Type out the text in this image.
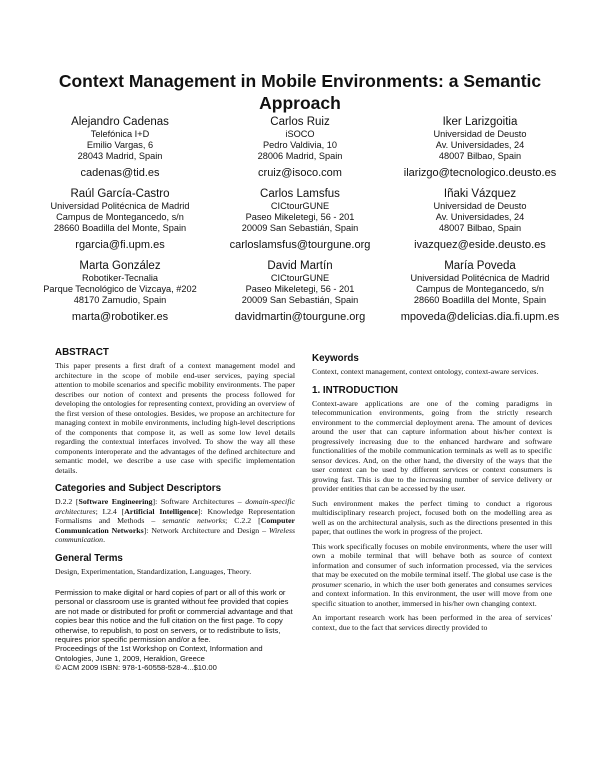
Context Management in Mobile Environments: a Semantic Approach
Alejandro Cadenas
Telefónica I+D
Emilio Vargas, 6
28043 Madrid, Spain
cadenas@tid.es
Carlos Ruiz
iSOCO
Pedro Valdivia, 10
28006 Madrid, Spain
cruiz@isoco.com
Iker Larizgoitia
Universidad de Deusto
Av. Universidades, 24
48007 Bilbao, Spain
ilarizgo@tecnologico.deusto.es
Raúl García-Castro
Universidad Politécnica de Madrid
Campus de Montegancedo, s/n
28660 Boadilla del Monte, Spain
rgarcia@fi.upm.es
Carlos Lamsfus
CICtourGUNE
Paseo Mikeletegi, 56 - 201
20009 San Sebastián, Spain
carloslamsfus@tourgune.org
Iñaki Vázquez
Universidad de Deusto
Av. Universidades, 24
48007 Bilbao, Spain
ivazquez@eside.deusto.es
Marta González
Robotiker-Tecnalia
Parque Tecnológico de Vizcaya, #202
48170 Zamudio, Spain
marta@robotiker.es
David Martín
CICtourGUNE
Paseo Mikeletegi, 56 - 201
20009 San Sebastián, Spain
davidmartin@tourgune.org
María Poveda
Universidad Politécnica de Madrid
Campus de Montegancedo, s/n
28660 Boadilla del Monte, Spain
mpoveda@delicias.dia.fi.upm.es
ABSTRACT

This paper presents a first draft of a context management model and architecture in the scope of mobile end-user services, paying special attention to mobile scenarios and specific mobility environments. The paper describes our notion of context and presents the process followed for developing the ontologies for representing context, providing an overview of the first version of these ontologies. Besides, we propose an architecture for managing context in mobile environments, including high-level descriptions of the components that compose it, as well as some low level details regarding the contextual interfaces involved. To show the way all these components interoperate and the advantages of the defined architecture and semantic model, we describe a use case with specific implementation details.

Categories and Subject Descriptors

D.2.2 [Software Engineering]: Software Architectures – domain-specific architectures; I.2.4 [Artificial Intelligence]: Knowledge Representation Formalisms and Methods – semantic networks; C.2.2 [Computer Communication Networks]: Network Architecture and Design – Wireless communication.

General Terms

Design, Experimentation, Standardization, Languages, Theory.

Permission to make digital or hard copies of part or all of this work or personal or classroom use is granted without fee provided that copies are not made or distributed for profit or commercial advantage and that copies bear this notice and the full citation on the first page. To copy otherwise, to republish, to post on servers, or to redistribute to lists, requires prior specific permission and/or a fee.

Proceedings of the 1st Workshop on Context, Information and Ontologies, June 1, 2009, Heraklion, Greece

© ACM 2009 ISBN: 978-1-60558-528-4...$10.00

Keywords

Context, context management, context ontology, context-aware services.

1. INTRODUCTION

Context-aware applications are one of the coming paradigms in telecommunication environments, going from the strictly research environment to the commercial deployment arena. The amount of devices around the user that can capture information about his/her context is progressively increasing due to the enhanced hardware and software functionalities of the mobile communication terminals as well as to specific sensor devices. And, on the other hand, the diversity of the ways that the user context can be used by different services or context consumers is growing fast. This is due to the increasing number of service delivery or provider entities that can be accessed by the user.

Such environment makes the perfect timing to conduct a rigorous multidisciplinary research project, focused both on the modelling area as well as on the architectural analysis, such as the directions presented in this paper, that outlines the work in progress of the project.

This work specifically focuses on mobile environments, where the user will own a mobile terminal that will behave both as source of context information and consumer of such information processed, via the services that may be executed on the mobile terminal itself. The global use case is the prosumer scenario, in which the user both generates and consumes services and context information. In this environment, the user will move from one specific situation to another, immersed in his/her own changing context.

An important research work has been performed in the area of services' context, due to the fact that services directly provided to
